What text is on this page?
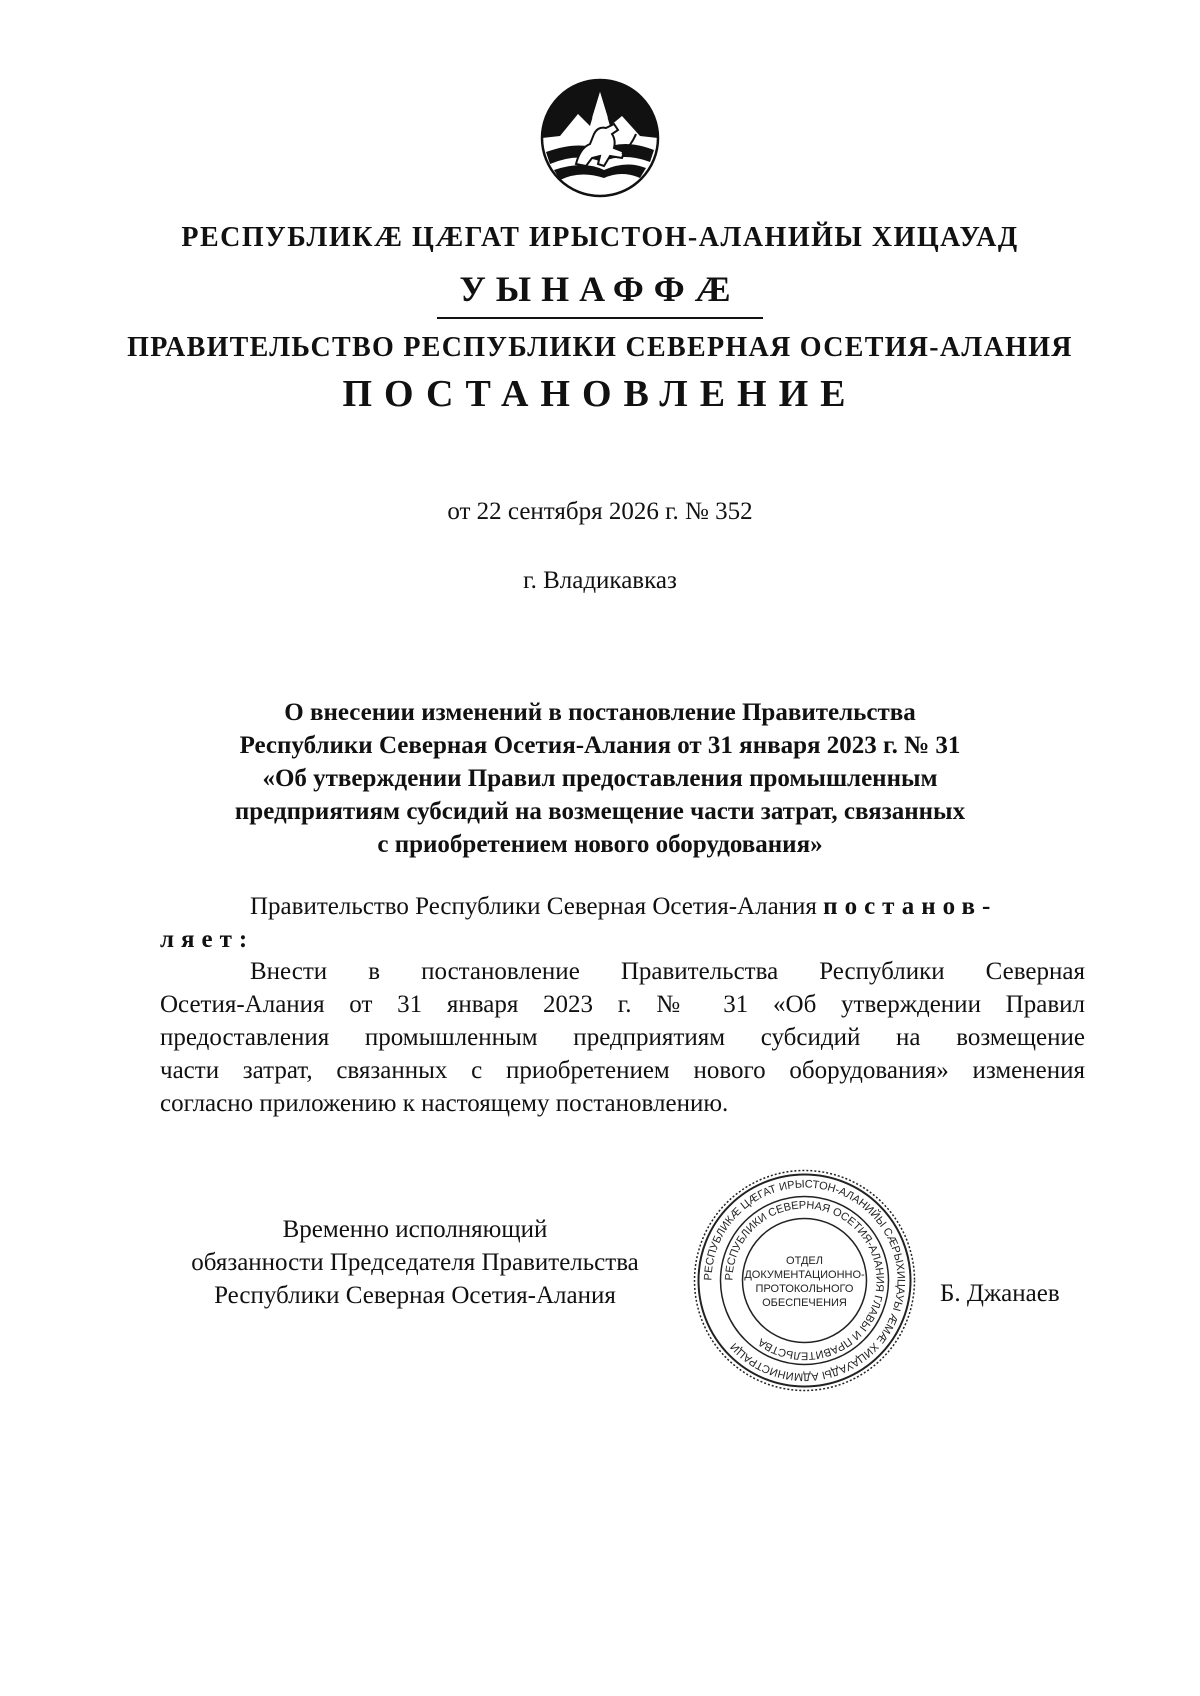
РЕСПУБЛИКӔ ЦӔГАТ ИРЫСТОН-АЛАНИЙЫ ХИЦАУАД
УЫНАФФӔ
ПРАВИТЕЛЬСТВО РЕСПУБЛИКИ СЕВЕРНАЯ ОСЕТИЯ-АЛАНИЯ
ПОСТАНОВЛЕНИЕ
от 22 сентября 2026 г. № 352
г. Владикавказ
О внесении изменений в постановление Правительства
Республики Северная Осетия-Алания от 31 января 2023 г. № 31
«Об утверждении Правил предоставления промышленным
предприятиям субсидий на возмещение части затрат, связанных
с приобретением нового оборудования»
Правительство Республики Северная Осетия-Алания постанов-
ляет:
Внести в постановление Правительства Республики Северная
Осетия-Алания от 31 января 2023 г. № 31 «Об утверждении Правил
предоставления промышленным предприятиям субсидий на возмещение
части затрат, связанных с приобретением нового оборудования» изменения
согласно приложению к настоящему постановлению.
Временно исполняющий
обязанности Председателя Правительства
Республики Северная Осетия-Алания
РЕСПУБЛИКӔ ЦӔГАТ ИРЫСТОН-АЛАНИЙЫ СӔРЫХИЦАУЫ ӔМӔ ХИЦАУАДЫ АДМИНИСТРАЦИ
РЕСПУБЛИКИ СЕВЕРНАЯ ОСЕТИЯ-АЛАНИЯ ГЛАВЫ И ПРАВИТЕЛЬСТВА
ОТДЕЛ
ДОКУМЕНТАЦИОННО-
ПРОТОКОЛЬНОГО
ОБЕСПЕЧЕНИЯ	Б. Джанаев
